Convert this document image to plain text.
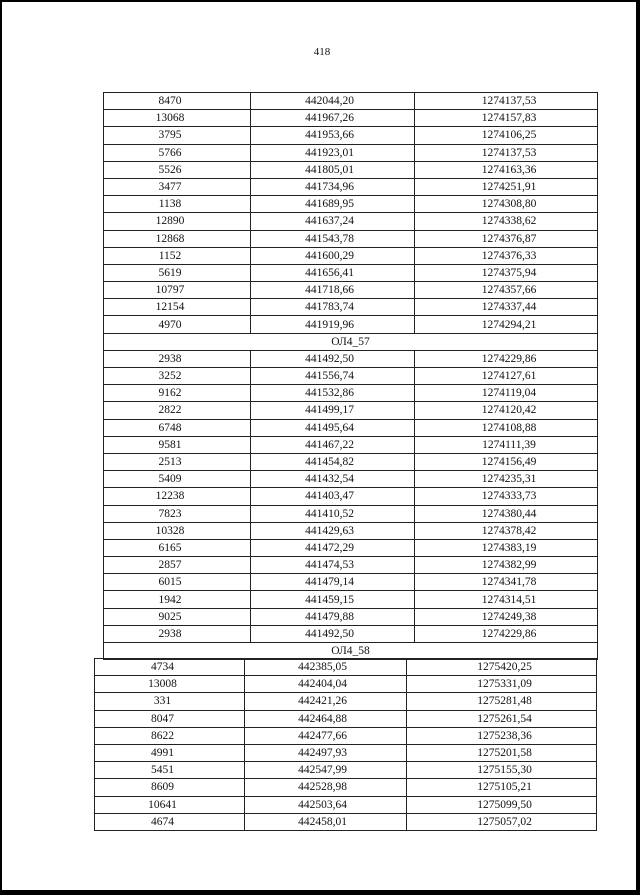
418
8470	442044,20	1274137,53
13068	441967,26	1274157,83
3795	441953,66	1274106,25
5766	441923,01	1274137,53
5526	441805,01	1274163,36
3477	441734,96	1274251,91
1138	441689,95	1274308,80
12890	441637,24	1274338,62
12868	441543,78	1274376,87
1152	441600,29	1274376,33
5619	441656,41	1274375,94
10797	441718,66	1274357,66
12154	441783,74	1274337,44
4970	441919,96	1274294,21
ОЛ4_57		
2938	441492,50	1274229,86
3252	441556,74	1274127,61
9162	441532,86	1274119,04
2822	441499,17	1274120,42
6748	441495,64	1274108,88
9581	441467,22	1274111,39
2513	441454,82	1274156,49
5409	441432,54	1274235,31
12238	441403,47	1274333,73
7823	441410,52	1274380,44
10328	441429,63	1274378,42
6165	441472,29	1274383,19
2857	441474,53	1274382,99
6015	441479,14	1274341,78
1942	441459,15	1274314,51
9025	441479,88	1274249,38
2938	441492,50	1274229,86
ОЛ4_58		
4734	442385,05	1275420,25
13008	442404,04	1275331,09
331	442421,26	1275281,48
8047	442464,88	1275261,54
8622	442477,66	1275238,36
4991	442497,93	1275201,58
5451	442547,99	1275155,30
8609	442528,98	1275105,21
10641	442503,64	1275099,50
4674	442458,01	1275057,02
